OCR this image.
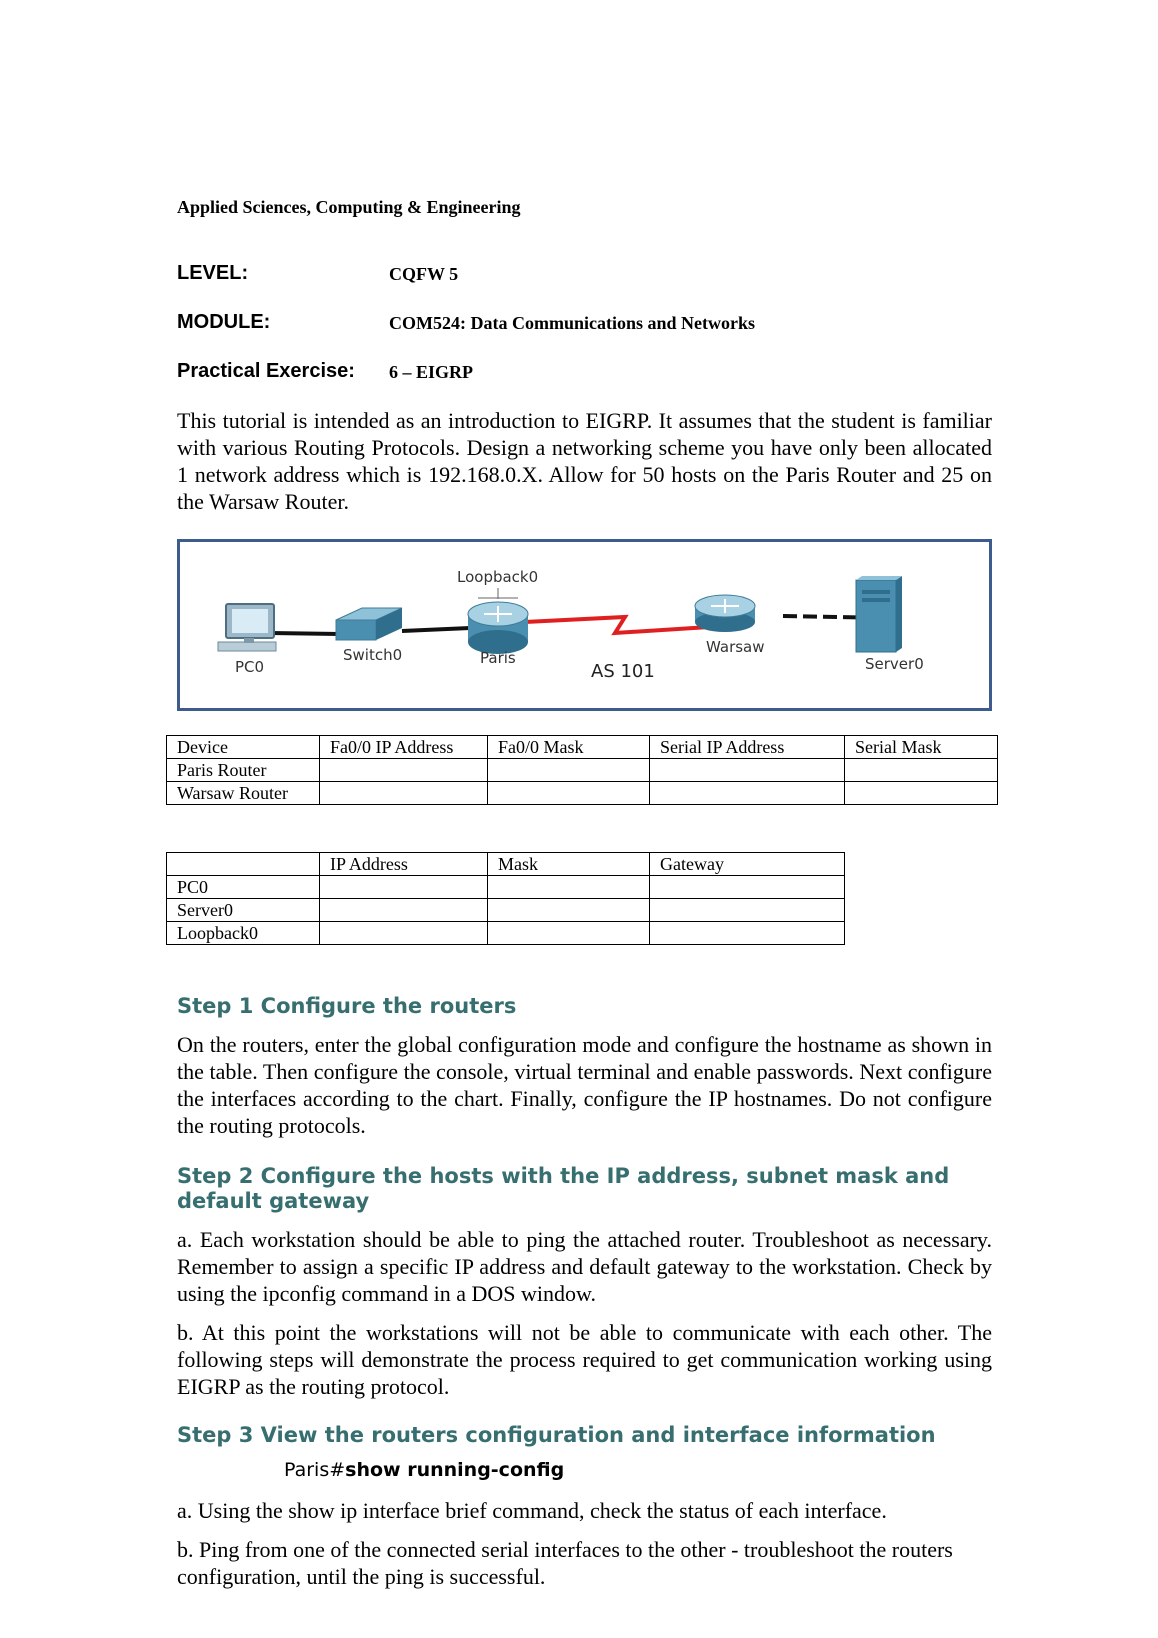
Applied Sciences, Computing & Engineering
LEVEL:	CQFW 5
MODULE:	COM524: Data Communications and Networks
Practical Exercise: 6 – EIGRP
This tutorial is intended as an introduction to EIGRP. It assumes that the student is familiar with various Routing Protocols. Design a networking scheme you have only been allocated 1 network address which is 192.168.0.X. Allow for 50 hosts on the Paris Router and 25 on the Warsaw Router.
Loopback0
PC0
Switch0	Paris
AS 101
Warsaw
Server0
Device	Fa0/0 IP Address	Fa0/0 Mask	Serial IP Address	Serial Mask
Paris Router				
Warsaw Router				
	IP Address	Mask	Gateway
PC0			
Server0			
Loopback0			
Step 1 Configure the routers
On the routers, enter the global configuration mode and configure the hostname as shown in the table. Then configure the console, virtual terminal and enable passwords. Next configure the interfaces according to the chart. Finally, configure the IP hostnames. Do not configure the routing protocols.
Step 2 Configure the hosts with the IP address, subnet mask and default gateway
a. Each workstation should be able to ping the attached router. Troubleshoot as necessary. Remember to assign a specific IP address and default gateway to the workstation. Check by using the ipconfig command in a DOS window.
b. At this point the workstations will not be able to communicate with each other. The following steps will demonstrate the process required to get communication working using EIGRP as the routing protocol.
Step 3 View the routers configuration and interface information
Paris#show running-config
a. Using the show ip interface brief command, check the status of each interface.
b. Ping from one of the connected serial interfaces to the other - troubleshoot the routers configuration, until the ping is successful.
